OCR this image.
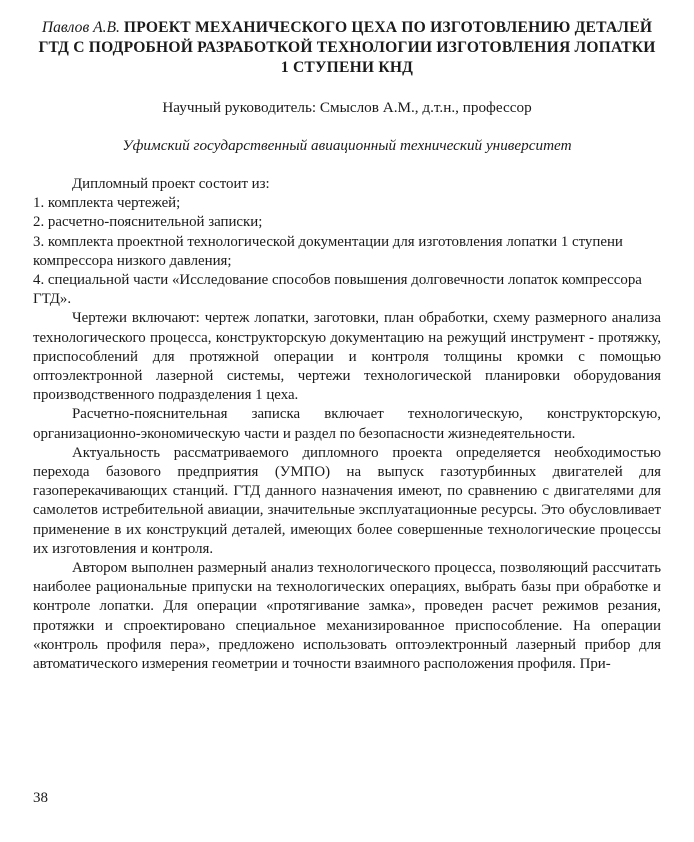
Павлов А.В. ПРОЕКТ МЕХАНИЧЕСКОГО ЦЕХА ПО ИЗГОТОВЛЕНИЮ ДЕТАЛЕЙ ГТД С ПОДРОБНОЙ РАЗРАБОТКОЙ ТЕХНОЛОГИИ ИЗГОТОВЛЕНИЯ ЛОПАТКИ 1 СТУПЕНИ КНД

Научный руководитель: Смыслов А.М., д.т.н., профессор

Уфимский государственный авиационный технический университет

Дипломный проект состоит из:

1. комплекта чертежей;

2. расчетно-пояснительной записки;

3. комплекта проектной технологической документации для изготовления лопатки 1 ступени компрессора низкого давления;

4. специальной части «Исследование способов повышения долговечности лопаток компрессора ГТД».

Чертежи включают: чертеж лопатки, заготовки, план обработки, схему размерного анализа технологического процесса, конструкторскую документацию на режущий инструмент - протяжку, приспособлений для протяжной операции и контроля толщины кромки с помощью оптоэлектронной лазерной системы, чертежи технологической планировки оборудования производственного подразделения 1 цеха.

Расчетно-пояснительная записка включает технологическую, конструкторскую, организационно-экономическую части и раздел по безопасности жизнедеятельности.

Актуальность рассматриваемого дипломного проекта определяется необходимостью перехода базового предприятия (УМПО) на выпуск газотурбинных двигателей для газоперекачивающих станций. ГТД данного назначения имеют, по сравнению с двигателями для самолетов истребительной авиации, значительные эксплуатационные ресурсы. Это обусловливает применение в их конструкций деталей, имеющих более совершенные технологические процессы их изготовления и контроля.

Автором выполнен размерный анализ технологического процесса, позволяющий рассчитать наиболее рациональные припуски на технологических операциях, выбрать базы при обработке и контроле лопатки. Для операции «протягивание замка», проведен расчет режимов резания, протяжки и спроектировано специальное механизированное приспособление. На операции «контроль профиля пера», предложено использовать оптоэлектронный лазерный прибор для автоматического измерения геометрии и точности взаимного расположения профиля. При-

38
